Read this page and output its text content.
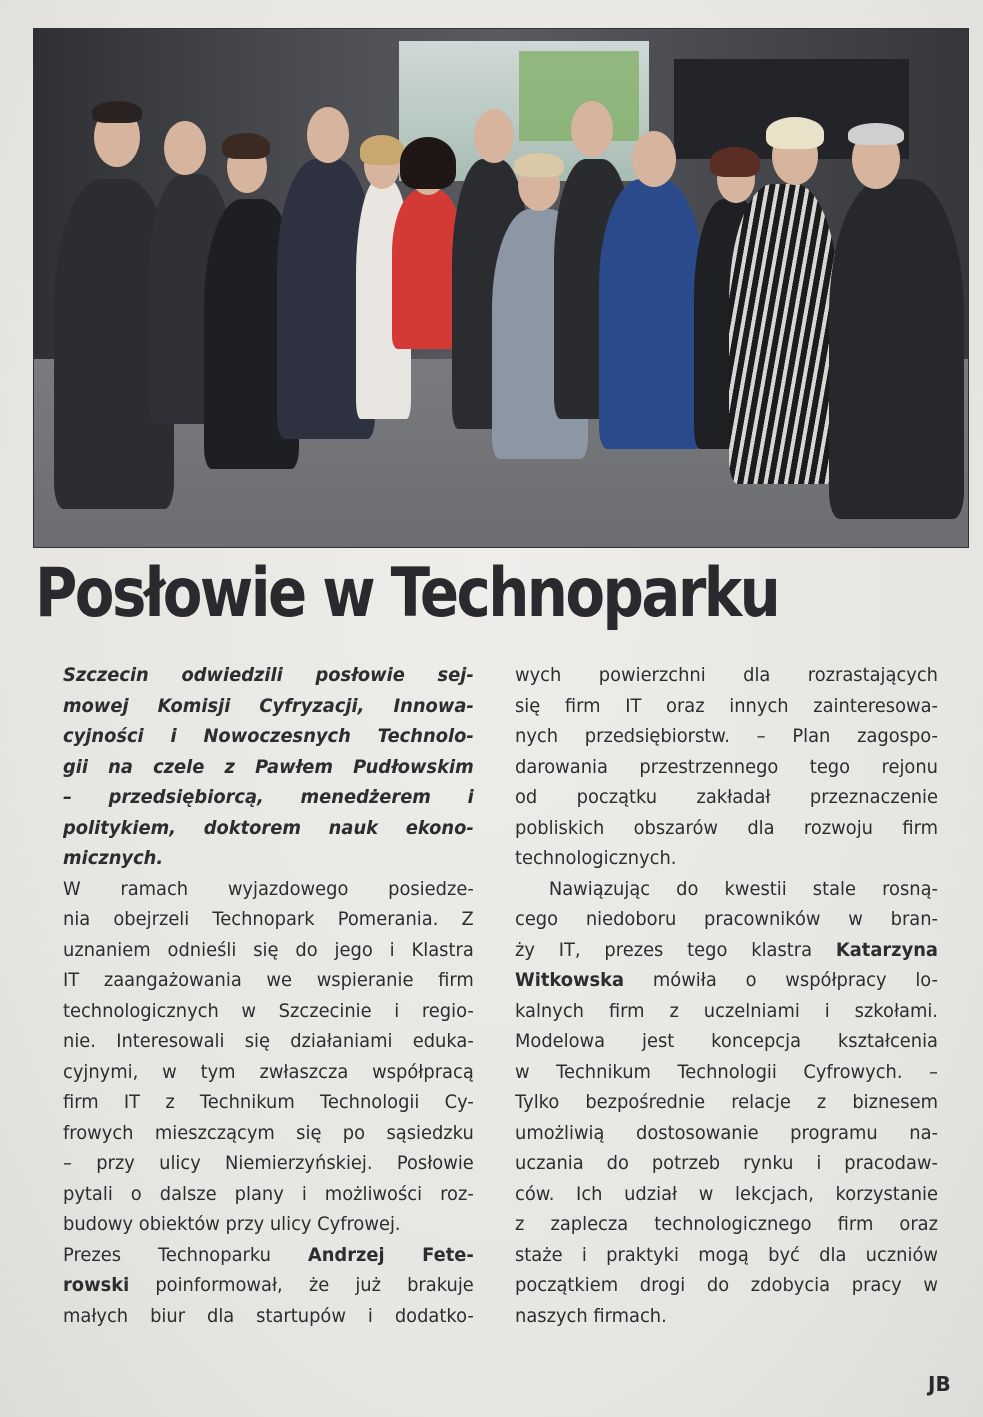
Posłowie w Technoparku
Szczecin odwiedzili posłowie sej-
mowej Komisji Cyfryzacji, Innowa-
cyjności i Nowoczesnych Technolo-
gii na czele z Pawłem Pudłowskim
– przedsiębiorcą, menedżerem i
politykiem, doktorem nauk ekono-
micznych.
W ramach wyjazdowego posiedze-
nia obejrzeli Technopark Pomerania. Z
uznaniem odnieśli się do jego i Klastra
IT zaangażowania we wspieranie firm
technologicznych w Szczecinie i regio-
nie. Interesowali się działaniami eduka-
cyjnymi, w tym zwłaszcza współpracą
firm IT z Technikum Technologii Cy-
frowych mieszczącym się po sąsiedzku
– przy ulicy Niemierzyńskiej. Posłowie
pytali o dalsze plany i możliwości roz-
budowy obiektów przy ulicy Cyfrowej.
Prezes Technoparku Andrzej Fete-
rowski poinformował, że już brakuje
małych biur dla startupów i dodatko-
wych powierzchni dla rozrastających
się firm IT oraz innych zainteresowa-
nych przedsiębiorstw. – Plan zagospo-
darowania przestrzennego tego rejonu
od początku zakładał przeznaczenie
pobliskich obszarów dla rozwoju firm
technologicznych.
Nawiązując do kwestii stale rosną-
cego niedoboru pracowników w bran-
ży IT, prezes tego klastra Katarzyna
Witkowska mówiła o współpracy lo-
kalnych firm z uczelniami i szkołami.
Modelowa jest koncepcja kształcenia
w Technikum Technologii Cyfrowych. –
Tylko bezpośrednie relacje z biznesem
umożliwią dostosowanie programu na-
uczania do potrzeb rynku i pracodaw-
ców. Ich udział w lekcjach, korzystanie
z zaplecza technologicznego firm oraz
staże i praktyki mogą być dla uczniów
początkiem drogi do zdobycia pracy w
naszych firmach.
JB
